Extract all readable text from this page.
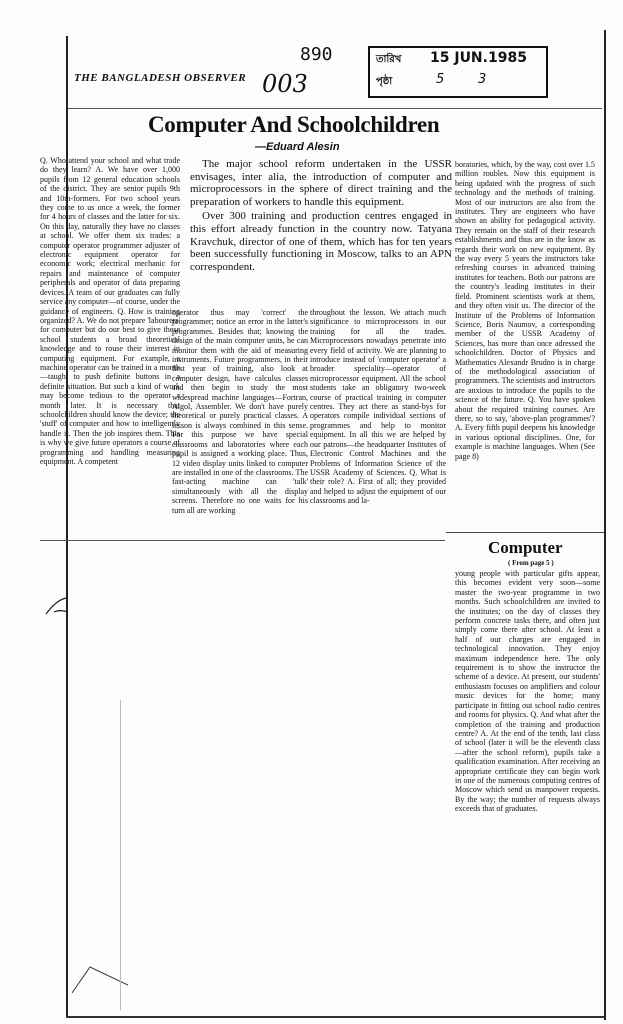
THE BANGLADESH OBSERVER
890
003
তারিখ 15 JUN.1985
পৃষ্ঠা	5	3
Computer And Schoolchildren
—Eduard Alesin

The major school reform undertaken in the USSR envisages, inter alia, the introduction of computer and microprocessors in the sphere of direct training and the preparation of workers to handle this equipment.

Over 300 training and production centres engaged in this effort already function in the country now. Tatyana Kravchuk, director of one of them, which has for ten years been successfully functioning in Moscow, talks to an APN correspondent.

Q. Who attend your school and what trade do they learn? A. We have over 1,000 pupils from 12 general education schools of the district. They are senior pupils 9th and 10th-formers. For two school years they come to us once a week, the former for 4 hours of classes and the latter for six. On this day, naturally they have no classes at school. We offer them six trades: a computer operator programmer adjuster of electronic equipment operator for economic work; electrical mechanic for repairs and maintenance of computer peripherals and operator of data preparing devices. A team of our graduates can fully service any computer—of course, under the guidance of engineers. Q. How is training organized? A. We do not prepare 'labourers' for computer but do our best to give these school students a broad theoretical knowledge and to rouse their interest in computing equipment. For example, a machine operator can be trained in a month—taught to push definite buttons in a definite situation. But such a kind of work may become tedious to the operator a month later. It is necessary that schoolchildren should know the device; the 'stuff' of computer and how to intelligently handle it. Then the job inspires them. This is why we give future operators a course of programming and handling measuring equipment. A competent

operator thus may 'correct' the programmer; notice an error in the latter's programmes. Besides that; knowing the design of the main computer units, he can monitor them with the aid of measuring instruments. Future programmers, in their first year of training, also look at computer design, have calculus classes and then begin to study the most widespread machine languages—Fortran, Algol, Assembler. We don't have purely theoretical or purely practical classes. A lesson is always combined in this sense. For this purpose we have special classrooms and laboratories where each pupil is assigned a working place. Thus, 12 video display units linked to computer are installed in one of the classrooms. The fast-acting machine can 'talk' simultaneously with all the display screens. Therefore no one waits for his turn all are working

throughout the lesson. We attach much significance to microprocessors in our training for all the trades. Microprocessors nowadays penetrate into every field of activity. We are planning to introduce instead of 'computer operator' a broader speciality—operator of microprocessor equipment. All the school students take an obligatory two-week course of practical training in computer centres. They act there as stand-bys for operators compile individual sections of programmes and help to monitor equipment. In all this we are helped by our patrons—the headquarter Institutes of Electronic Control Machines and the Problems of Information Science of the USSR Academy of Sciences. Q. What is their role? A. First of all; they provided and helped to adjust the equipment of our classrooms and la-

boratories, which, by the way, cost over 1.5 million roubles. Now this equipment is being updated with the progress of such technology and the methods of training. Most of our instructors are also from the institutes. They are engineers who have shown an ability for pedagogical activity. They remain on the staff of their research establishments and thus are in the know as regards their work on new equipment. By the way every 5 years the instructors take refreshing courses in advanced training institutes for teachers. Both our patrons are the country's leading institutes in their field. Prominent scientists work at them, and they often visit us. The director of the Institute of the Problems of Information Science, Boris Naumov, a corresponding member of the USSR Academy of Sciences, has more than once adressed the schoolchildren. Doctor of Physics and Mathematics Alexandr Brudno is in charge of the methodological association of programmers. The scientists and instructors are anxious to introduce the pupils to the science of the future. Q. You have spoken about the required training courses. Are there, so to say, 'above-plan programmes'? A. Every fifth pupil deepens his knowledge in various optional disciplines. One, for example is machine languages. When (See page 8)

Computer
( From page 5 )

young people with particular gifts appear, this becomes evident very soon—some master the two-year programme in two months. Such schoolchildren are invited to the institutes; on the day of classes they perform concrete tasks there, and often just simply come there after school. At least a half of our charges are engaged in technological innovation. They enjoy maximum independence here. The only requirement is to show the instructor the scheme of a device. At present, our students' enthusiasm focuses on amplifiers and colour music devices for the home; many participate in fitting out school radio centres and rooms for physics. Q. And what after the completion of the training and production centre? A. At the end of the tenth, last class of school (later it will be the eleventh class—after the school reform), pupils take a qualification examination. After receiving an appropriate certificate they can begin work in one of the numerous computing centres of Moscow which send us manpower requests. By the way; the number of requests always exceeds that of graduates.
